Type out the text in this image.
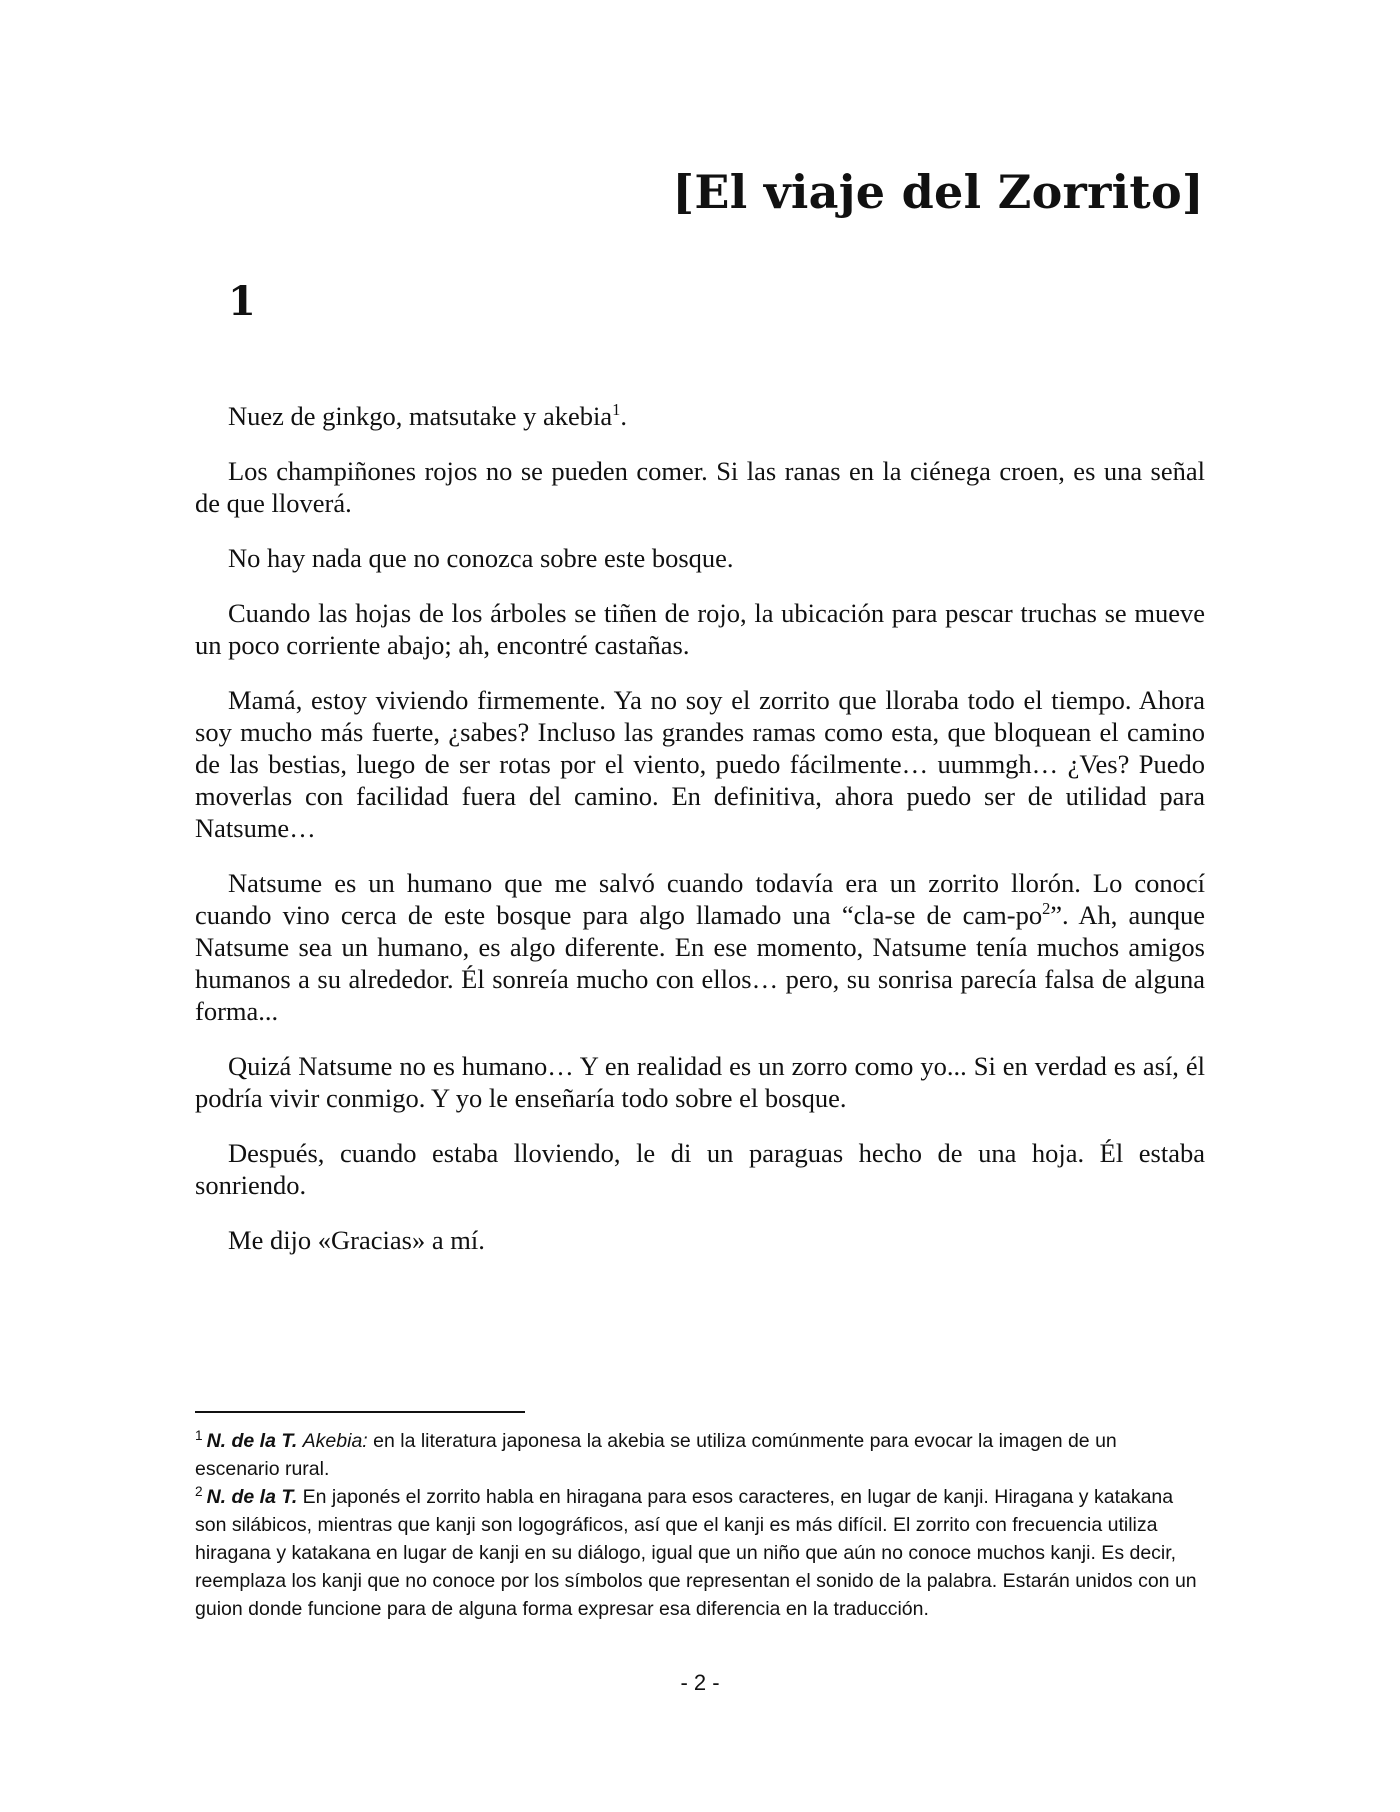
[El viaje del Zorrito]
1

Nuez de ginkgo, matsutake y akebia$^1$.

Los champiñones rojos no se pueden comer. Si las ranas en la ciénega croen, es una señal de que lloverá.

No hay nada que no conozca sobre este bosque.

Cuando las hojas de los árboles se tiñen de rojo, la ubicación para pescar truchas se mueve un poco corriente abajo; ah, encontré castañas.

Mamá, estoy viviendo firmemente. Ya no soy el zorrito que lloraba todo el tiempo. Ahora soy mucho más fuerte, ¿sabes? Incluso las grandes ramas como esta, que bloquean el camino de las bestias, luego de ser rotas por el viento, puedo fácilmente… uummgh… ¿Ves? Puedo moverlas con facilidad fuera del camino. En definitiva, ahora puedo ser de utilidad para Natsume…

Natsume es un humano que me salvó cuando todavía era un zorrito llorón. Lo conocí cuando vino cerca de este bosque para algo llamado una “cla-se de cam-$po^2$”. Ah, aunque Natsume sea un humano, es algo diferente. En ese momento, Natsume tenía muchos amigos humanos a su alrededor. Él sonreía mucho con ellos… pero, su sonrisa parecía falsa de alguna forma...

Quizá Natsume no es humano… Y en realidad es un zorro como yo... Si en verdad es así, él podría vivir conmigo. Y yo le enseñaría todo sobre el bosque.

Después, cuando estaba lloviendo, le di un paraguas hecho de una hoja. Él estaba sonriendo.

Me dijo «Gracias» a mí.

$^1$ N. de la T. Akebia: en la literatura japonesa la akebia se utiliza comúnmente para evocar la imagen de un escenario rural.

$^2$ N. de la T. En japonés el zorrito habla en hiragana para esos caracteres, en lugar de kanji. Hiragana y katakana son silábicos, mientras que kanji son logográficos, así que el kanji es más difícil. El zorrito con frecuencia utiliza hiragana y katakana en lugar de kanji en su diálogo, igual que un niño que aún no conoce muchos kanji. Es decir, reemplaza los kanji que no conoce por los símbolos que representan el sonido de la palabra. Estarán unidos con un guion donde funcione para de alguna forma expresar esa diferencia en la traducción.

- 2 -
